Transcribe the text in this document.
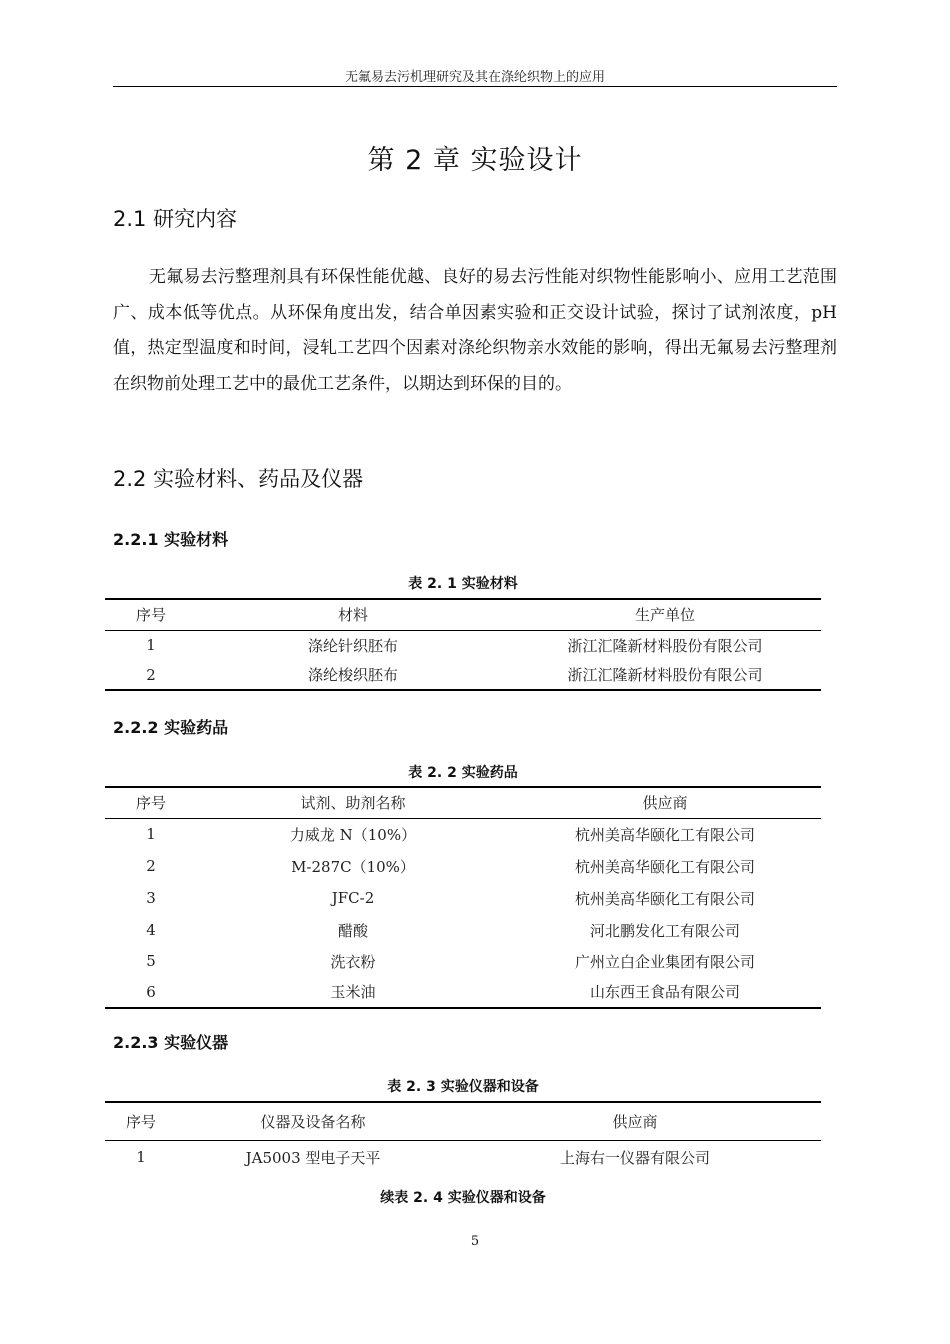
无氟易去污机理研究及其在涤纶织物上的应用
第 2 章 实验设计
2.1 研究内容

无氟易去污整理剂具有环保性能优越、良好的易去污性能对织物性能影响小、应用工艺范围广、成本低等优点。从环保角度出发，结合单因素实验和正交设计试验，探讨了试剂浓度，pH 值，热定型温度和时间，浸轧工艺四个因素对涤纶织物亲水效能的影响，得出无氟易去污整理剂在织物前处理工艺中的最优工艺条件，以期达到环保的目的。

2.2 实验材料、药品及仪器
2.2.1 实验材料
表 2. 1 实验材料
序号	材料	生产单位
1	涤纶针织胚布	浙江汇隆新材料股份有限公司
2	涤纶梭织胚布	浙江汇隆新材料股份有限公司
2.2.2 实验药品
表 2. 2 实验药品
序号	试剂、助剂名称	供应商
1	力威龙 N（10%）	杭州美高华颐化工有限公司
2	M-287C（10%）	杭州美高华颐化工有限公司
3	JFC-2	杭州美高华颐化工有限公司
4	醋酸	河北鹏发化工有限公司
5	洗衣粉	广州立白企业集团有限公司
6	玉米油	山东西王食品有限公司
2.2.3 实验仪器
表 2. 3 实验仪器和设备
序号	仪器及设备名称	供应商
1	JA5003 型电子天平	上海右一仪器有限公司
续表 2. 4 实验仪器和设备
5
